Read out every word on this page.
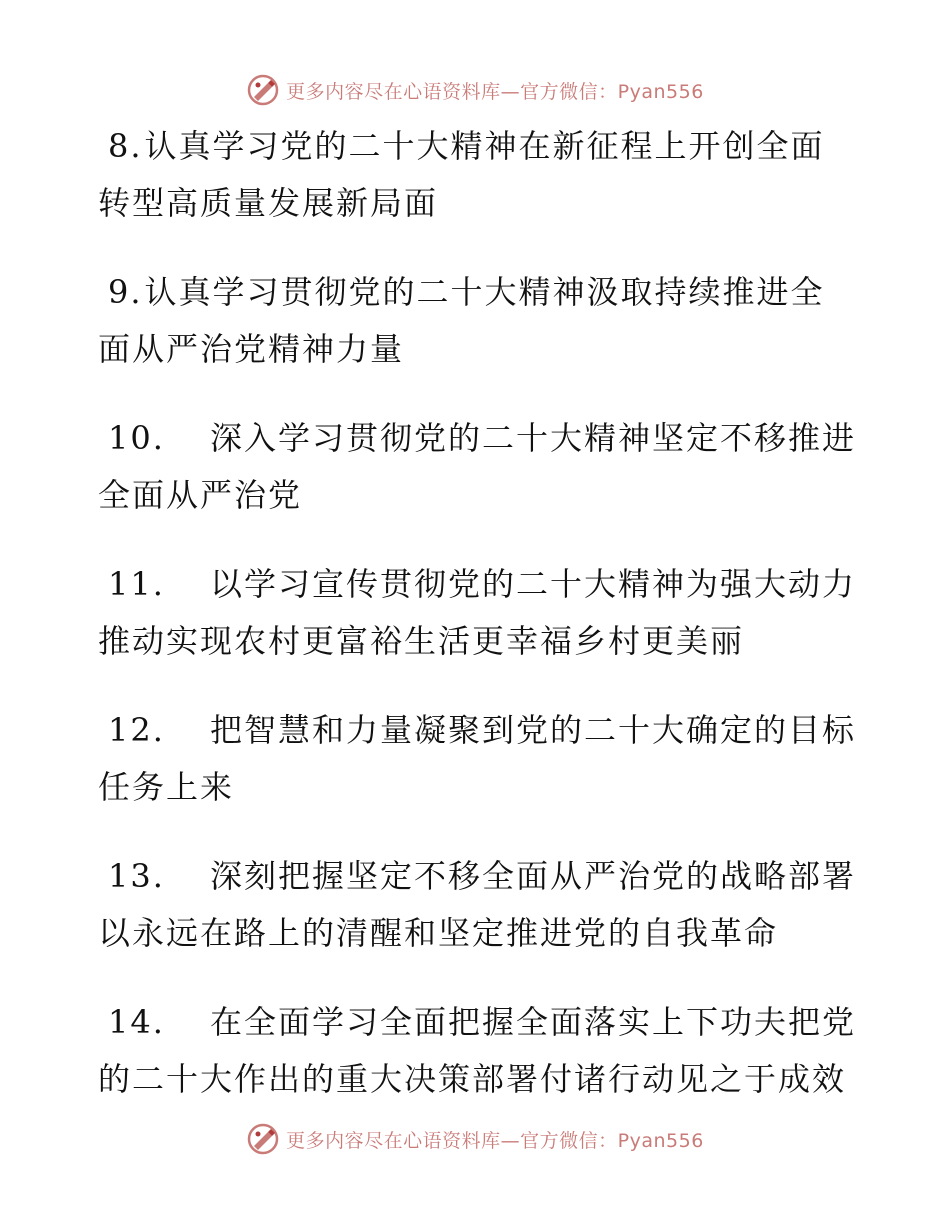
更多内容尽在心语资料库—官方微信：Pyan556

8.认真学习党的二十大精神在新征程上开创全面转型高质量发展新局面

9.认真学习贯彻党的二十大精神汲取持续推进全面从严治党精神力量

10. 深入学习贯彻党的二十大精神坚定不移推进全面从严治党

11. 以学习宣传贯彻党的二十大精神为强大动力推动实现农村更富裕生活更幸福乡村更美丽

12. 把智慧和力量凝聚到党的二十大确定的目标任务上来

13. 深刻把握坚定不移全面从严治党的战略部署以永远在路上的清醒和坚定推进党的自我革命

14. 在全面学习全面把握全面落实上下功夫把党的二十大作出的重大决策部署付诸行动见之于成效

更多内容尽在心语资料库—官方微信：Pyan556
